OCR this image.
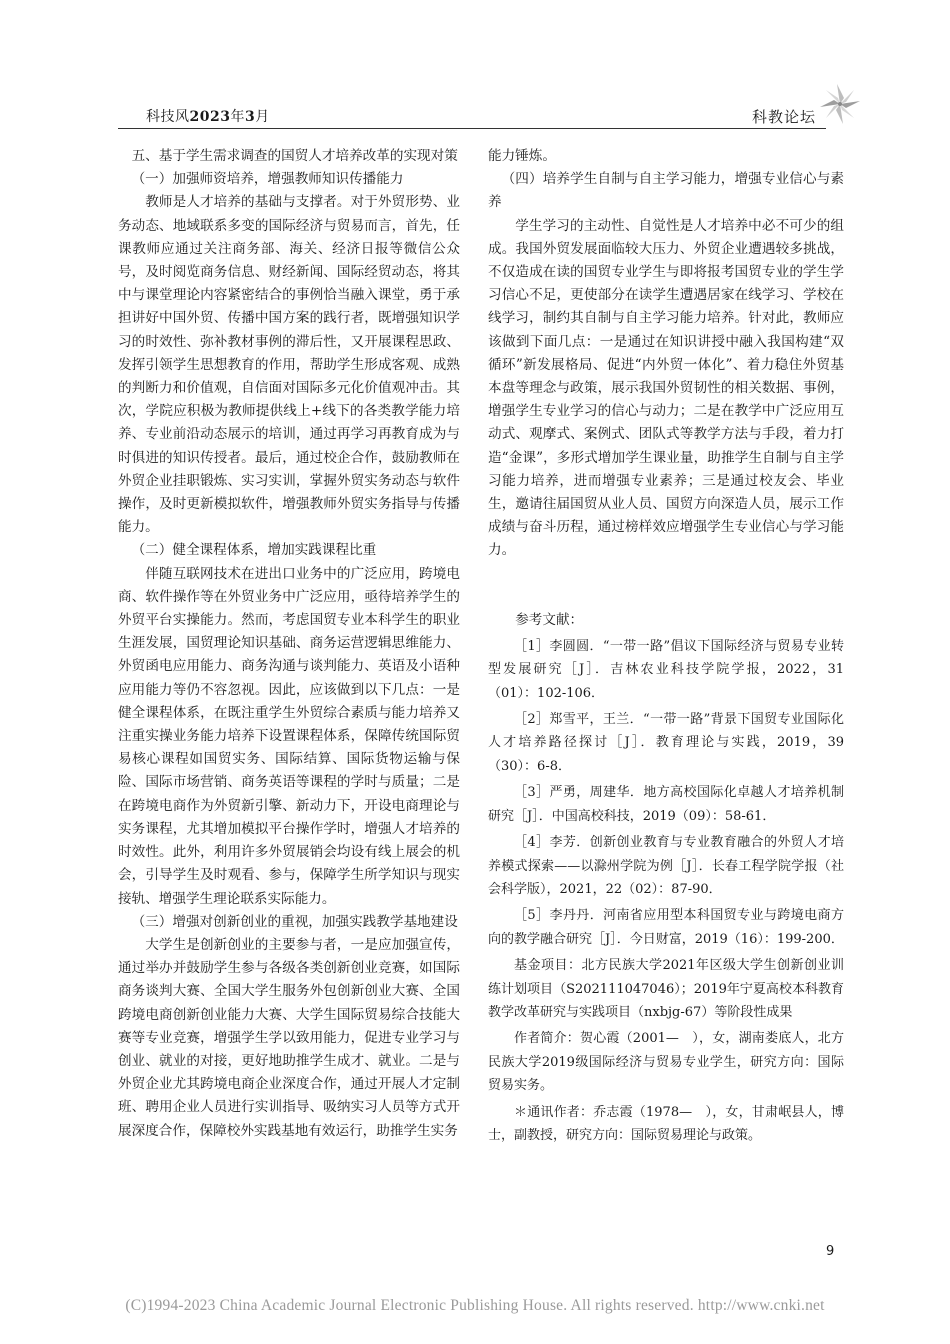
科技风2023年3月	科教论坛

五、基于学生需求调查的国贸人才培养改革的实现对策

（一）加强师资培养，增强教师知识传播能力

教师是人才培养的基础与支撑者。对于外贸形势、业务动态、地域联系多变的国际经济与贸易而言，首先，任课教师应通过关注商务部、海关、经济日报等微信公众号，及时阅览商务信息、财经新闻、国际经贸动态，将其中与课堂理论内容紧密结合的事例恰当融入课堂，勇于承担讲好中国外贸、传播中国方案的践行者，既增强知识学习的时效性、弥补教材事例的滞后性，又开展课程思政、发挥引领学生思想教育的作用，帮助学生形成客观、成熟的判断力和价值观，自信面对国际多元化价值观冲击。其次，学院应积极为教师提供线上+线下的各类教学能力培养、专业前沿动态展示的培训，通过再学习再教育成为与时俱进的知识传授者。最后，通过校企合作，鼓励教师在外贸企业挂职锻炼、实习实训，掌握外贸实务动态与软件操作，及时更新模拟软件，增强教师外贸实务指导与传播能力。

（二）健全课程体系，增加实践课程比重

伴随互联网技术在进出口业务中的广泛应用，跨境电商、软件操作等在外贸业务中广泛应用，亟待培养学生的外贸平台实操能力。然而，考虑国贸专业本科学生的职业生涯发展，国贸理论知识基础、商务运营逻辑思维能力、外贸函电应用能力、商务沟通与谈判能力、英语及小语种应用能力等仍不容忽视。因此，应该做到以下几点：一是健全课程体系，在既注重学生外贸综合素质与能力培养又注重实操业务能力培养下设置课程体系，保障传统国际贸易核心课程如国贸实务、国际结算、国际货物运输与保险、国际市场营销、商务英语等课程的学时与质量；二是在跨境电商作为外贸新引擎、新动力下，开设电商理论与实务课程，尤其增加模拟平台操作学时，增强人才培养的时效性。此外，利用许多外贸展销会均设有线上展会的机会，引导学生及时观看、参与，保障学生所学知识与现实接轨、增强学生理论联系实际能力。

（三）增强对创新创业的重视，加强实践教学基地建设

大学生是创新创业的主要参与者，一是应加强宣传，通过举办并鼓励学生参与各级各类创新创业竞赛，如国际商务谈判大赛、全国大学生服务外包创新创业大赛、全国跨境电商创新创业能力大赛、大学生国际贸易综合技能大赛等专业竞赛，增强学生学以致用能力，促进专业学习与创业、就业的对接，更好地助推学生成才、就业。二是与外贸企业尤其跨境电商企业深度合作，通过开展人才定制班、聘用企业人员进行实训指导、吸纳实习人员等方式开展深度合作，保障校外实践基地有效运行，助推学生实务

能力锤炼。

（四）培养学生自制与自主学习能力，增强专业信心与素养

学生学习的主动性、自觉性是人才培养中必不可少的组成。我国外贸发展面临较大压力、外贸企业遭遇较多挑战，不仅造成在读的国贸专业学生与即将报考国贸专业的学生学习信心不足，更使部分在读学生遭遇居家在线学习、学校在线学习，制约其自制与自主学习能力培养。针对此，教师应该做到下面几点：一是通过在知识讲授中融入我国构建“双循环”新发展格局、促进“内外贸一体化”、着力稳住外贸基本盘等理念与政策，展示我国外贸韧性的相关数据、事例，增强学生专业学习的信心与动力；二是在教学中广泛应用互动式、观摩式、案例式、团队式等教学方法与手段，着力打造“金课”，多形式增加学生课业量，助推学生自制与自主学习能力培养，进而增强专业素养；三是通过校友会、毕业生，邀请往届国贸从业人员、国贸方向深造人员，展示工作成绩与奋斗历程，通过榜样效应增强学生专业信心与学习能力。

参考文献：

［1］李圆圆．“一带一路”倡议下国际经济与贸易专业转型发展研究［J］．吉林农业科技学院学报，2022，31（01）：102-106．

［2］郑雪平，王兰．“一带一路”背景下国贸专业国际化人才培养路径探讨［J］．教育理论与实践，2019，39（30）：6-8．

［3］严勇，周建华．地方高校国际化卓越人才培养机制研究［J］．中国高校科技，2019（09）：58-61．

［4］李芳．创新创业教育与专业教育融合的外贸人才培养模式探索——以滁州学院为例［J］．长春工程学院学报（社会科学版），2021，22（02）：87-90．

［5］李丹丹．河南省应用型本科国贸专业与跨境电商方向的教学融合研究［J］．今日财富，2019（16）：199-200．

基金项目：北方民族大学2021年区级大学生创新创业训练计划项目（S202111047046）；2019年宁夏高校本科教育教学改革研究与实践项目（nxbjg-67）等阶段性成果

作者简介：贺心霞（2001—　），女，湖南娄底人，北方民族大学2019级国际经济与贸易专业学生，研究方向：国际贸易实务。

＊通讯作者：乔志霞（1978—　），女，甘肃岷县人，博士，副教授，研究方向：国际贸易理论与政策。

9
(C)1994-2023 China Academic Journal Electronic Publishing House. All rights reserved. http://www.cnki.net
